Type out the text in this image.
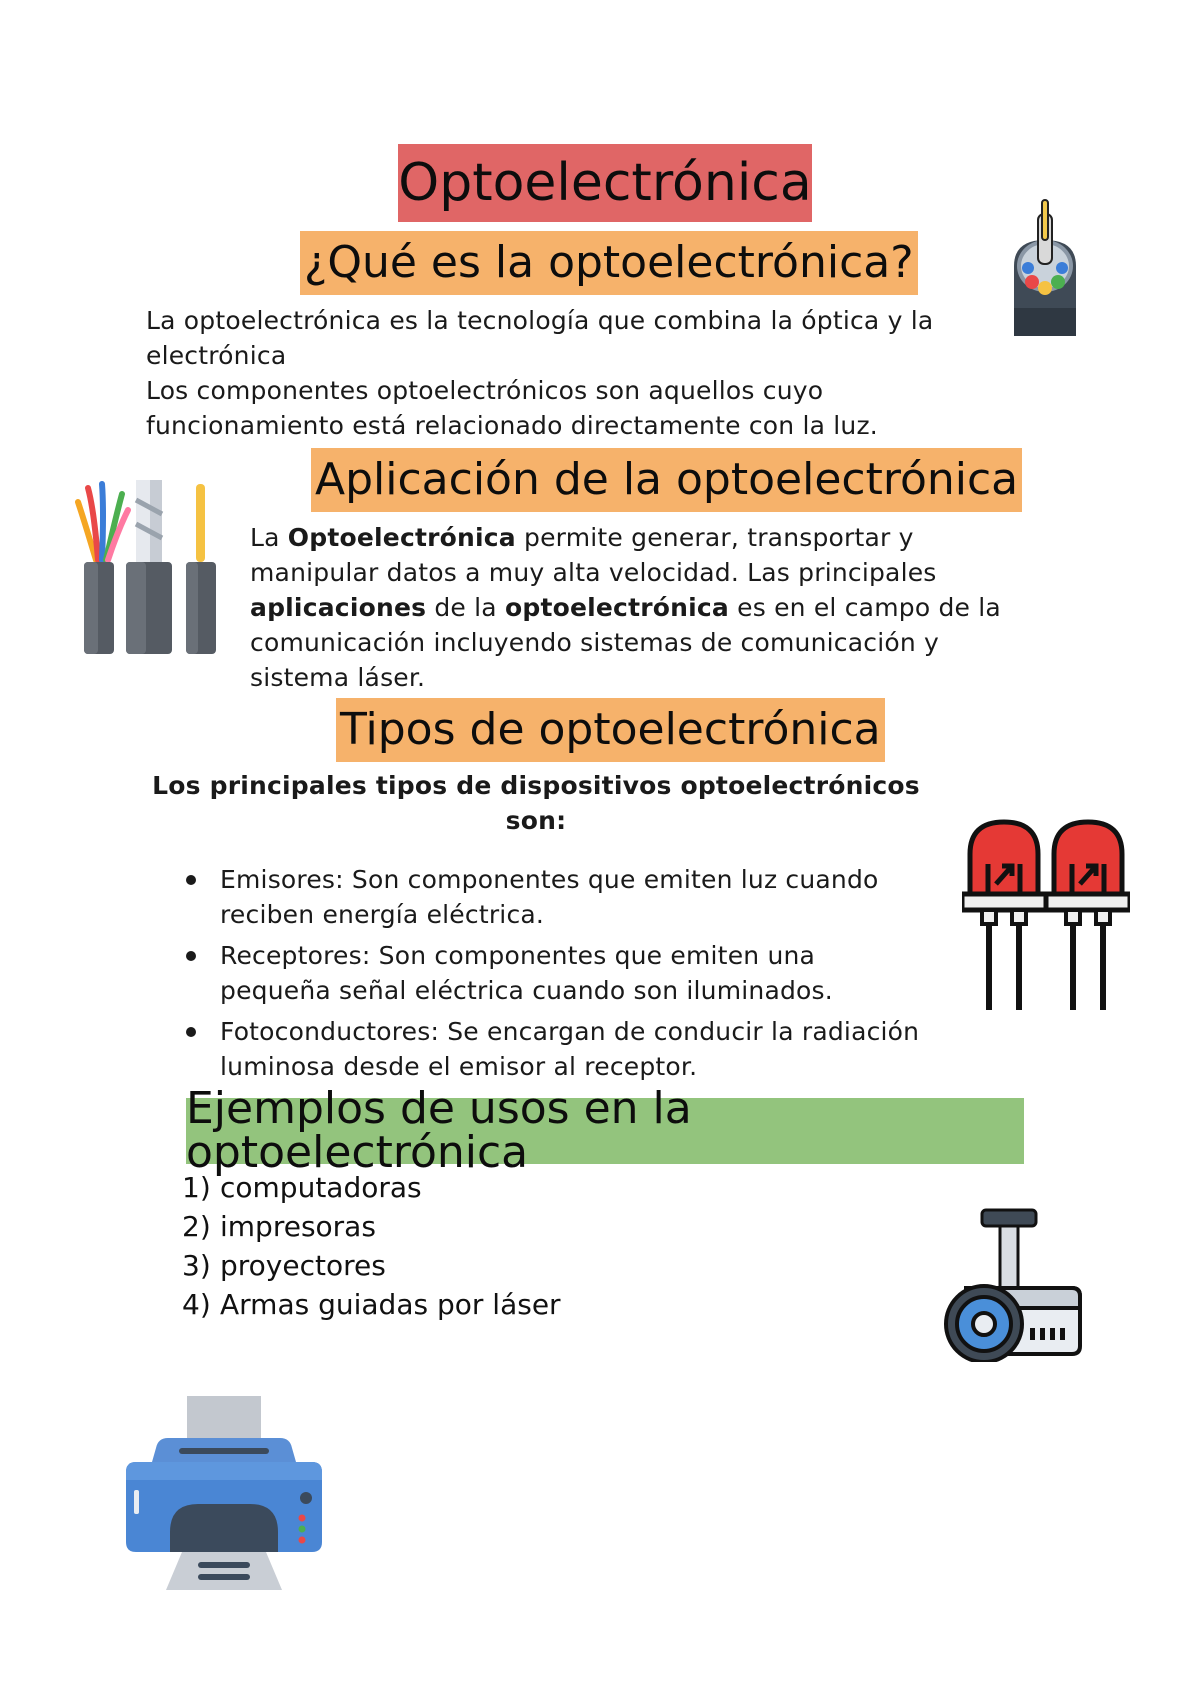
Optoelectrónica
¿Qué es la optoelectrónica?
La optoelectrónica es la tecnología que combina la óptica y la
electrónica
Los componentes optoelectrónicos son aquellos cuyo
funcionamiento está relacionado directamente con la luz.
Aplicación de la optoelectrónica
La Optoelectrónica permite generar, transportar y manipular datos a muy alta velocidad. Las principales aplicaciones de la optoelectrónica es en el campo de la comunicación incluyendo sistemas de comunicación y sistema láser.
Tipos de optoelectrónica
Los principales tipos de dispositivos optoelectrónicos
son:
Emisores: Son componentes que emiten luz cuando reciben energía eléctrica.
Receptores: Son componentes que emiten una pequeña señal eléctrica cuando son iluminados.
Fotoconductores: Se encargan de conducir la radiación luminosa desde el emisor al receptor.
Ejemplos de usos en la optoelectrónica
1) computadoras
2) impresoras
3) proyectores
4) Armas guiadas por láser
